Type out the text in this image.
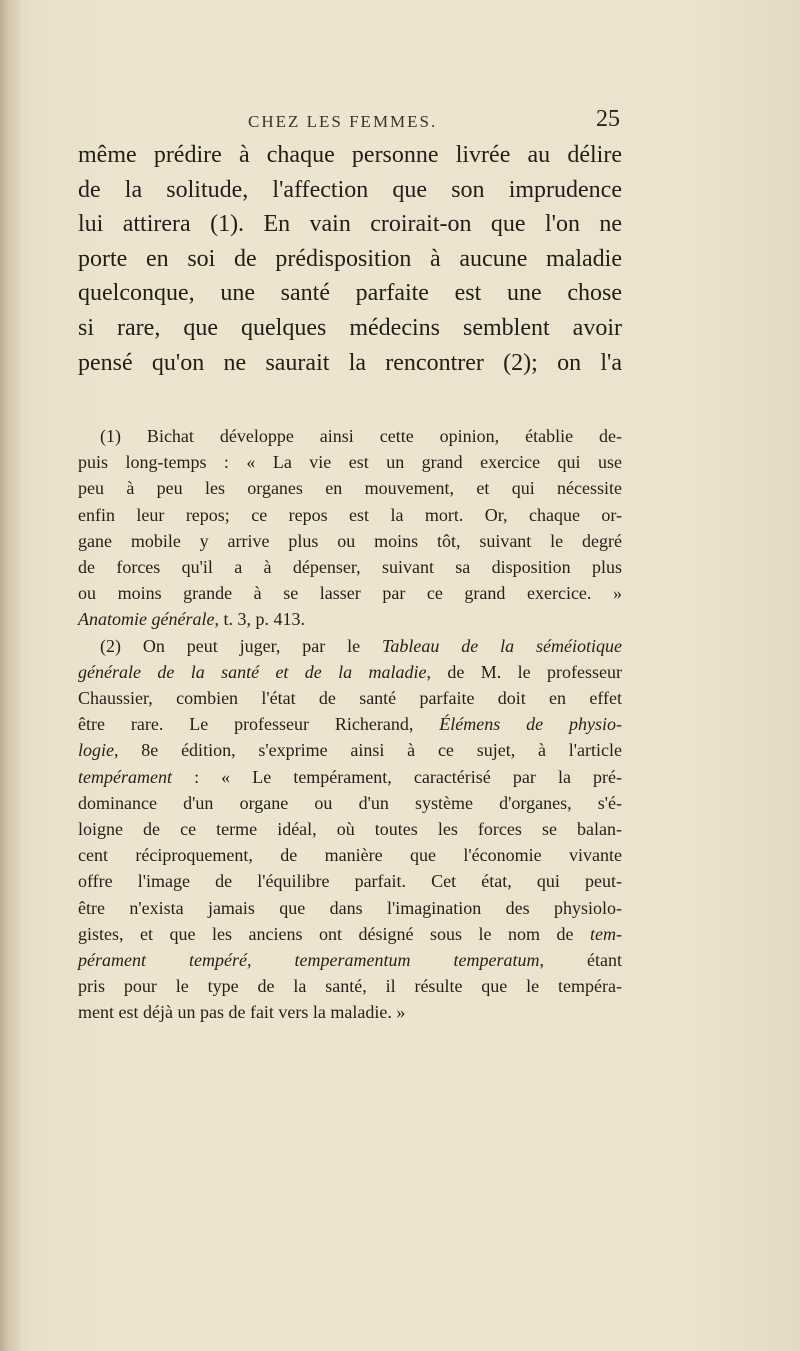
CHEZ LES FEMMES.	25
même prédire à chaque personne livrée au délire
de la solitude, l'affection que son imprudence
lui attirera (1). En vain croirait-on que l'on ne
porte en soi de prédisposition à aucune maladie
quelconque, une santé parfaite est une chose
si rare, que quelques médecins semblent avoir
pensé qu'on ne saurait la rencontrer (2); on l'a
(1) Bichat développe ainsi cette opinion, établie de-
puis long-temps : « La vie est un grand exercice qui use
peu à peu les organes en mouvement, et qui nécessite
enfin leur repos; ce repos est la mort. Or, chaque or-
gane mobile y arrive plus ou moins tôt, suivant le degré
de forces qu'il a à dépenser, suivant sa disposition plus
ou moins grande à se lasser par ce grand exercice. »
Anatomie générale, t. 3, p. 413.
(2) On peut juger, par le Tableau de la séméiotique
générale de la santé et de la maladie, de M. le professeur
Chaussier, combien l'état de santé parfaite doit en effet
être rare. Le professeur Richerand, Élémens de physio-
logie, 8e édition, s'exprime ainsi à ce sujet, à l'article
tempérament : « Le tempérament, caractérisé par la pré-
dominance d'un organe ou d'un système d'organes, s'é-
loigne de ce terme idéal, où toutes les forces se balan-
cent réciproquement, de manière que l'économie vivante
offre l'image de l'équilibre parfait. Cet état, qui peut-
être n'exista jamais que dans l'imagination des physiolo-
gistes, et que les anciens ont désigné sous le nom de tem-
pérament tempéré, temperamentum temperatum, étant
pris pour le type de la santé, il résulte que le tempéra-
ment est déjà un pas de fait vers la maladie. »
